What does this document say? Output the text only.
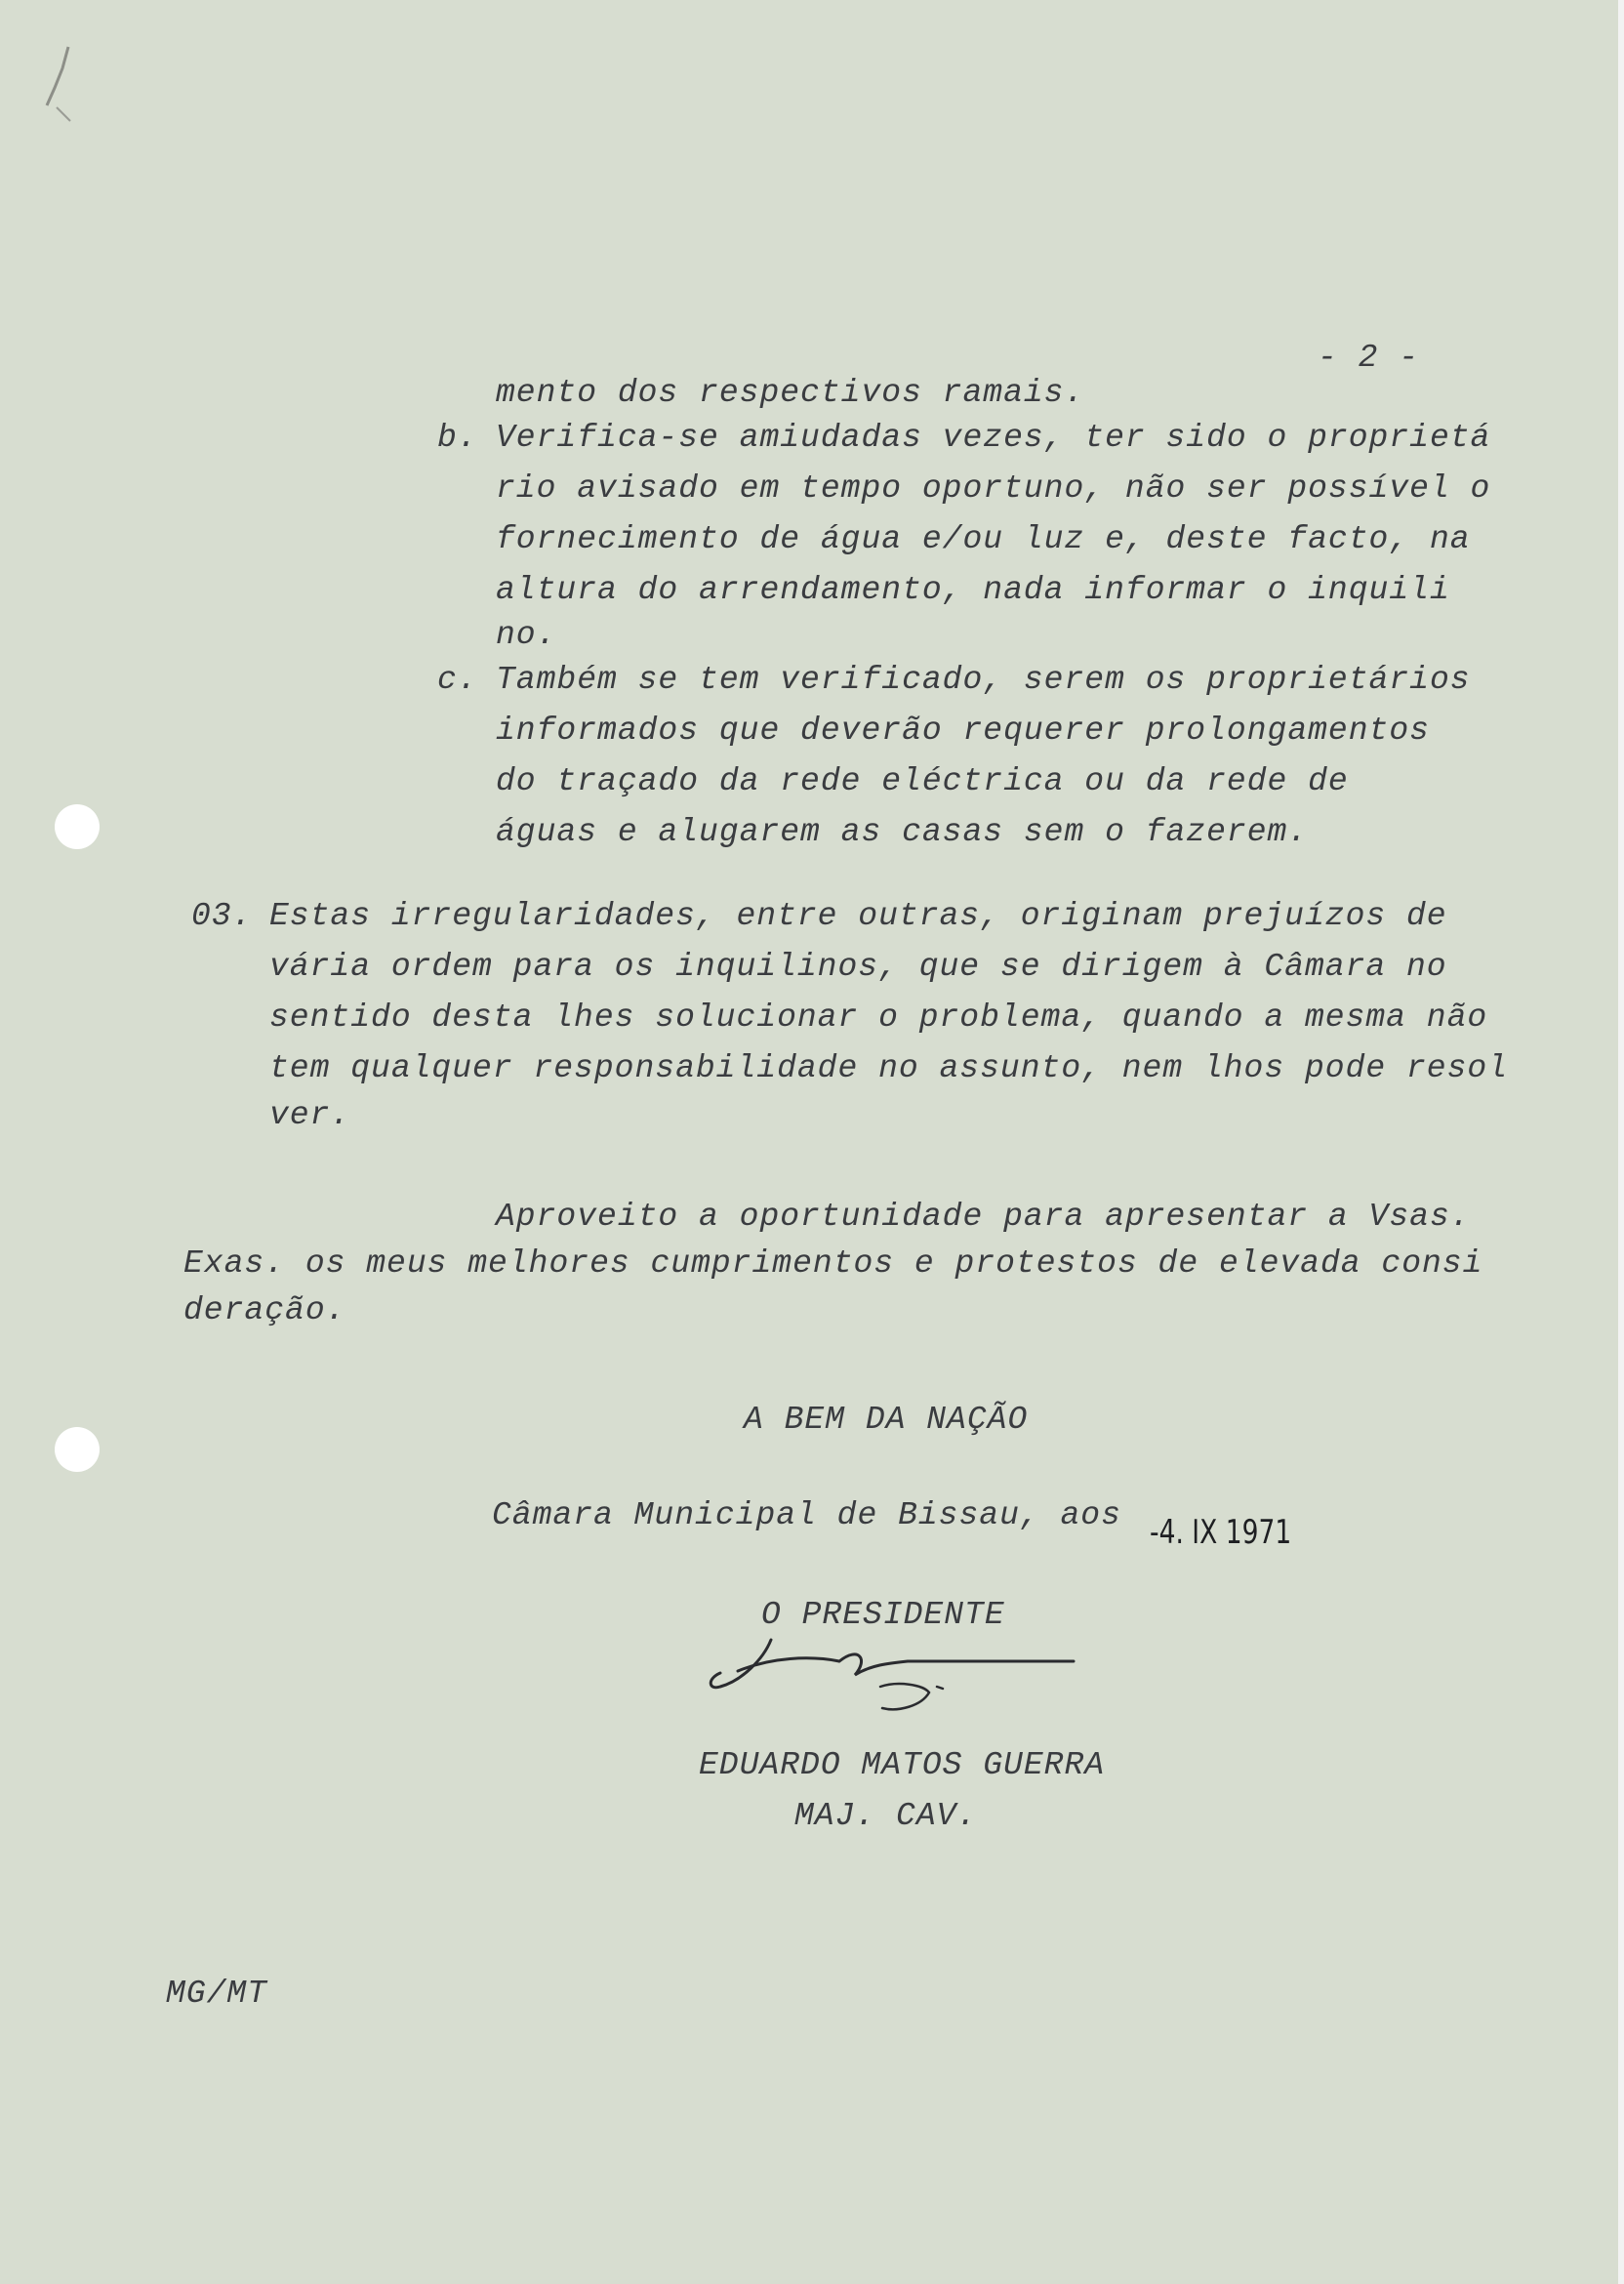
- 2 -
mento dos respectivos ramais.
b. Verifica-se amiudadas vezes, ter sido o proprietá
rio avisado em tempo oportuno, não ser possível o
fornecimento de água e/ou luz e, deste facto, na
altura do arrendamento, nada informar o inquili
no.
c. Também se tem verificado, serem os proprietários
informados que deverão requerer prolongamentos
do traçado da rede eléctrica ou da rede de
águas e alugarem as casas sem o fazerem.
03. Estas irregularidades, entre outras, originam prejuízos de
vária ordem para os inquilinos, que se dirigem à Câmara no
sentido desta lhes solucionar o problema, quando a mesma não
tem qualquer responsabilidade no assunto, nem lhos pode resol
ver.
Aproveito a oportunidade para apresentar a Vsas.
Exas. os meus melhores cumprimentos e protestos de elevada consi
deração.
A BEM DA NAÇÃO
Câmara Municipal de Bissau, aos -4. IX 1971
O PRESIDENTE
EDUARDO MATOS GUERRA
MAJ. CAV.
MG/MT
